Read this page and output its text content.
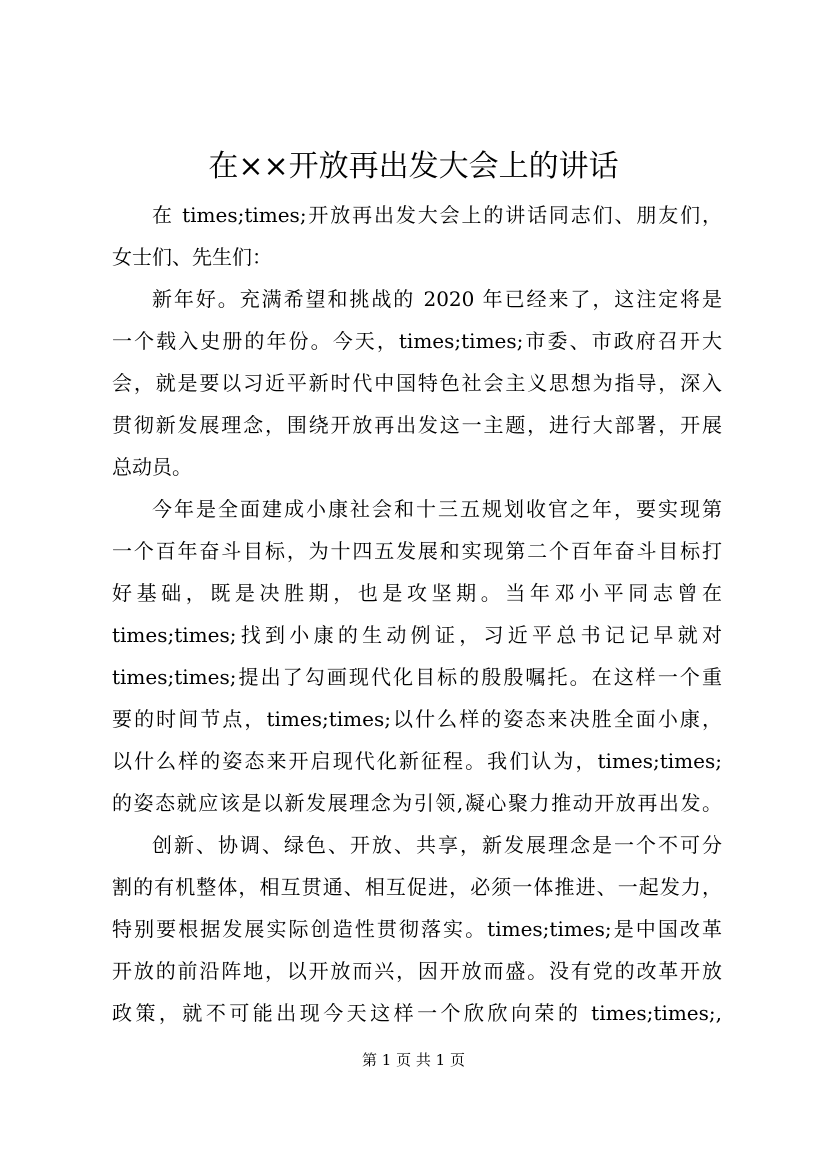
在××开放再出发大会上的讲话
在 times;times;开放再出发大会上的讲话同志们、朋友们，
女士们、先生们：
新年好。充满希望和挑战的 2020 年已经来了，这注定将是
一个载入史册的年份。今天，times;times;市委、市政府召开大
会，就是要以习近平新时代中国特色社会主义思想为指导，深入
贯彻新发展理念，围绕开放再出发这一主题，进行大部署，开展
总动员。
今年是全面建成小康社会和十三五规划收官之年，要实现第
一个百年奋斗目标，为十四五发展和实现第二个百年奋斗目标打
好基础，既是决胜期，也是攻坚期。当年邓小平同志曾在
times;times;找到小康的生动例证，习近平总书记记早就对
times;times;提出了勾画现代化目标的殷殷嘱托。在这样一个重
要的时间节点，times;times;以什么样的姿态来决胜全面小康，
以什么样的姿态来开启现代化新征程。我们认为，times;times;
的姿态就应该是以新发展理念为引领,凝心聚力推动开放再出发。
创新、协调、绿色、开放、共享，新发展理念是一个不可分
割的有机整体，相互贯通、相互促进，必须一体推进、一起发力，
特别要根据发展实际创造性贯彻落实。times;times;是中国改革
开放的前沿阵地，以开放而兴，因开放而盛。没有党的改革开放
政策，就不可能出现今天这样一个欣欣向荣的 times;times;,
第 1 页 共 1 页
